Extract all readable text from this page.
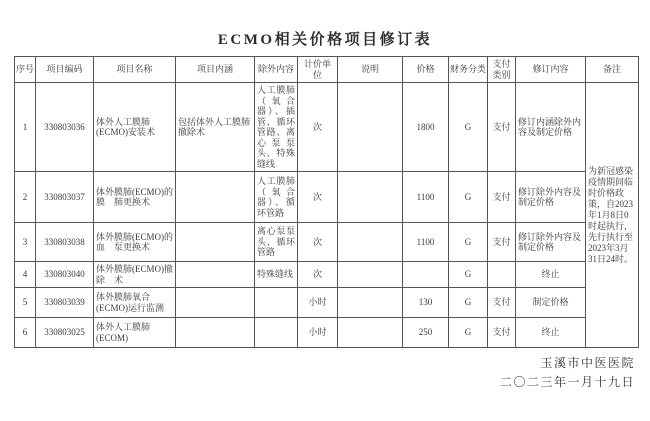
ECMO相关价格项目修订表
序号	项目编码	项目名称	项目内涵	除外内容	计价单位	说明	价格	财务分类	支付类别	修订内容	备注
1	330803036	体外人工膜肺(ECMO)安装术	包括体外人工膜肺撤除术	人工膜肺（氧合器）、插管、循环管路、离心泵泵头、特殊缝线	次		1800	G	支付	修订内涵除外内容及制定价格	为新冠感染疫情期间临时价格政策，自2023年1月8日0时起执行，先行执行至2023年3月31日24时。
2	330803037	体外膜肺(ECMO)的膜　肺更换术		人工膜肺（氧合器）、循环管路	次		1100	G	支付	修订除外内容及制定价格	
3	330803038	体外膜肺(ECMO)的血　泵更换术		离心泵泵头、循环管路	次		1100	G	支付	修订除外内容及制定价格	
4	330803040	体外膜肺(ECMO)撤除　术		特殊缝线	次			G		终止	
5	330803039	体外膜肺氧合(ECMO)运行监测			小时		130	G	支付	制定价格	
6	330803025	体外人工膜肺(ECOM)			小时		250	G	支付	终止	
玉溪市中医医院
二〇二三年一月十九日
